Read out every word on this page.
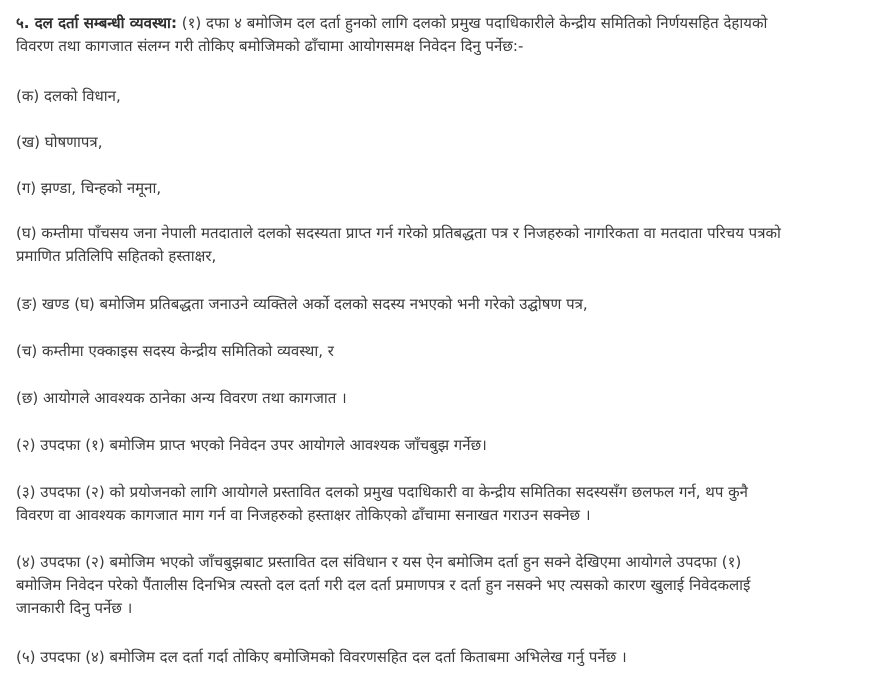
५. दल दर्ता सम्बन्धी व्यवस्था: (१) दफा ४ बमोजिम दल दर्ता हुनको लागि दलको प्रमुख पदाधिकारीले केन्द्रीय समितिको निर्णयसहित देहायको
विवरण तथा कागजात संलग्न गरी तोकिए बमोजिमको ढाँचामा आयोगसमक्ष निवेदन दिनु पर्नेछ:-

(क) दलको विधान,

(ख) घोषणापत्र,

(ग) झण्डा, चिन्हको नमूना,

(घ) कम्तीमा पाँचसय जना नेपाली मतदाताले दलको सदस्यता प्राप्त गर्न गरेको प्रतिबद्धता पत्र र निजहरुको नागरिकता वा मतदाता परिचय पत्रको
प्रमाणित प्रतिलिपि सहितको हस्ताक्षर,

(ङ) खण्ड (घ) बमोजिम प्रतिबद्धता जनाउने व्यक्तिले अर्को दलको सदस्य नभएको भनी गरेको उद्घोषण पत्र,

(च) कम्तीमा एक्काइस सदस्य केन्द्रीय समितिको व्यवस्था, र

(छ) आयोगले आवश्यक ठानेका अन्य विवरण तथा कागजात ।

(२) उपदफा (१) बमोजिम प्राप्त भएको निवेदन उपर आयोगले आवश्यक जाँचबुझ गर्नेछ।

(३) उपदफा (२) को प्रयोजनको लागि आयोगले प्रस्तावित दलको प्रमुख पदाधिकारी वा केन्द्रीय समितिका सदस्यसँग छलफल गर्न, थप कुनै
विवरण वा आवश्यक कागजात माग गर्न वा निजहरुको हस्ताक्षर तोकिएको ढाँचामा सनाखत गराउन सक्नेछ ।

(४) उपदफा (२) बमोजिम भएको जाँचबुझबाट प्रस्तावित दल संविधान र यस ऐन बमोजिम दर्ता हुन सक्ने देखिएमा आयोगले उपदफा (१)
बमोजिम निवेदन परेको पैंतालीस दिनभित्र त्यस्तो दल दर्ता गरी दल दर्ता प्रमाणपत्र र दर्ता हुन नसक्ने भए त्यसको कारण खुलाई निवेदकलाई
जानकारी दिनु पर्नेछ ।

(५) उपदफा (४) बमोजिम दल दर्ता गर्दा तोकिए बमोजिमको विवरणसहित दल दर्ता किताबमा अभिलेख गर्नु पर्नेछ ।
